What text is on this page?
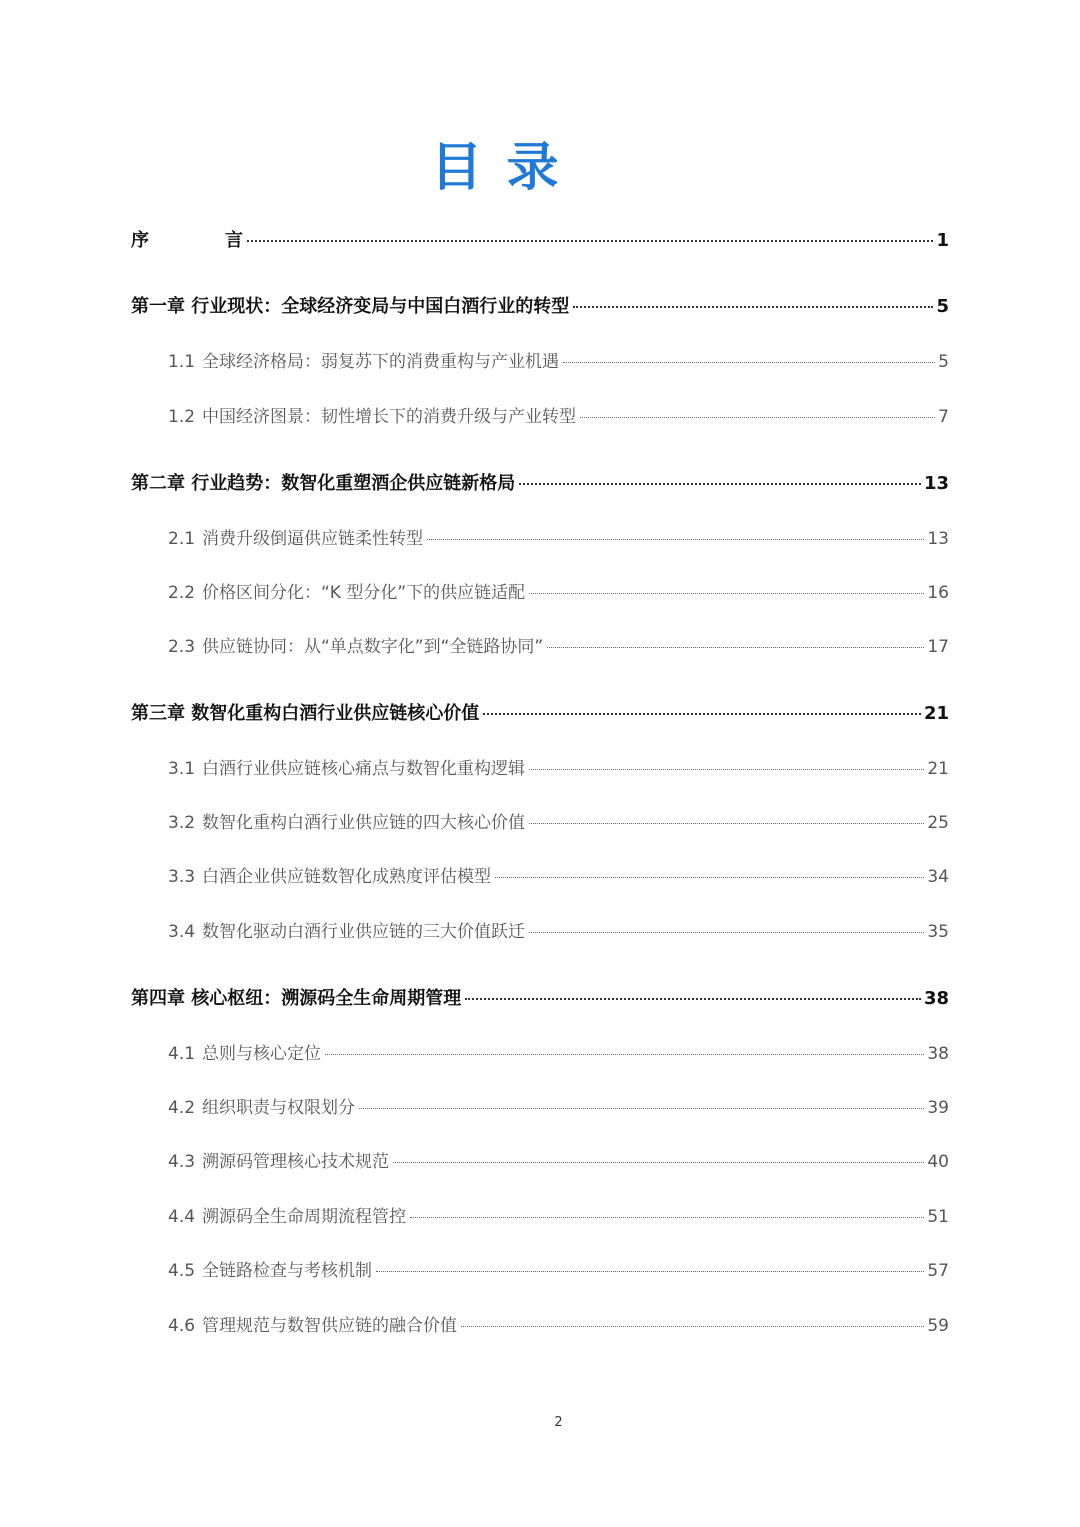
目录
序	言	1
第一章 行业现状：全球经济变局与中国白酒行业的转型	5
1.1 全球经济格局：弱复苏下的消费重构与产业机遇	5
1.2 中国经济图景：韧性增长下的消费升级与产业转型	7
第二章 行业趋势：数智化重塑酒企供应链新格局	13
2.1 消费升级倒逼供应链柔性转型	13
2.2 价格区间分化：“K 型分化”下的供应链适配	16
2.3 供应链协同：从“单点数字化”到“全链路协同”	17
第三章 数智化重构白酒行业供应链核心价值	21
3.1 白酒行业供应链核心痛点与数智化重构逻辑	21
3.2 数智化重构白酒行业供应链的四大核心价值	25
3.3 白酒企业供应链数智化成熟度评估模型	34
3.4 数智化驱动白酒行业供应链的三大价值跃迁	35
第四章 核心枢纽：溯源码全生命周期管理	38
4.1 总则与核心定位	38
4.2 组织职责与权限划分	39
4.3 溯源码管理核心技术规范	40
4.4 溯源码全生命周期流程管控	51
4.5 全链路检查与考核机制	57
4.6 管理规范与数智供应链的融合价值	59
2
